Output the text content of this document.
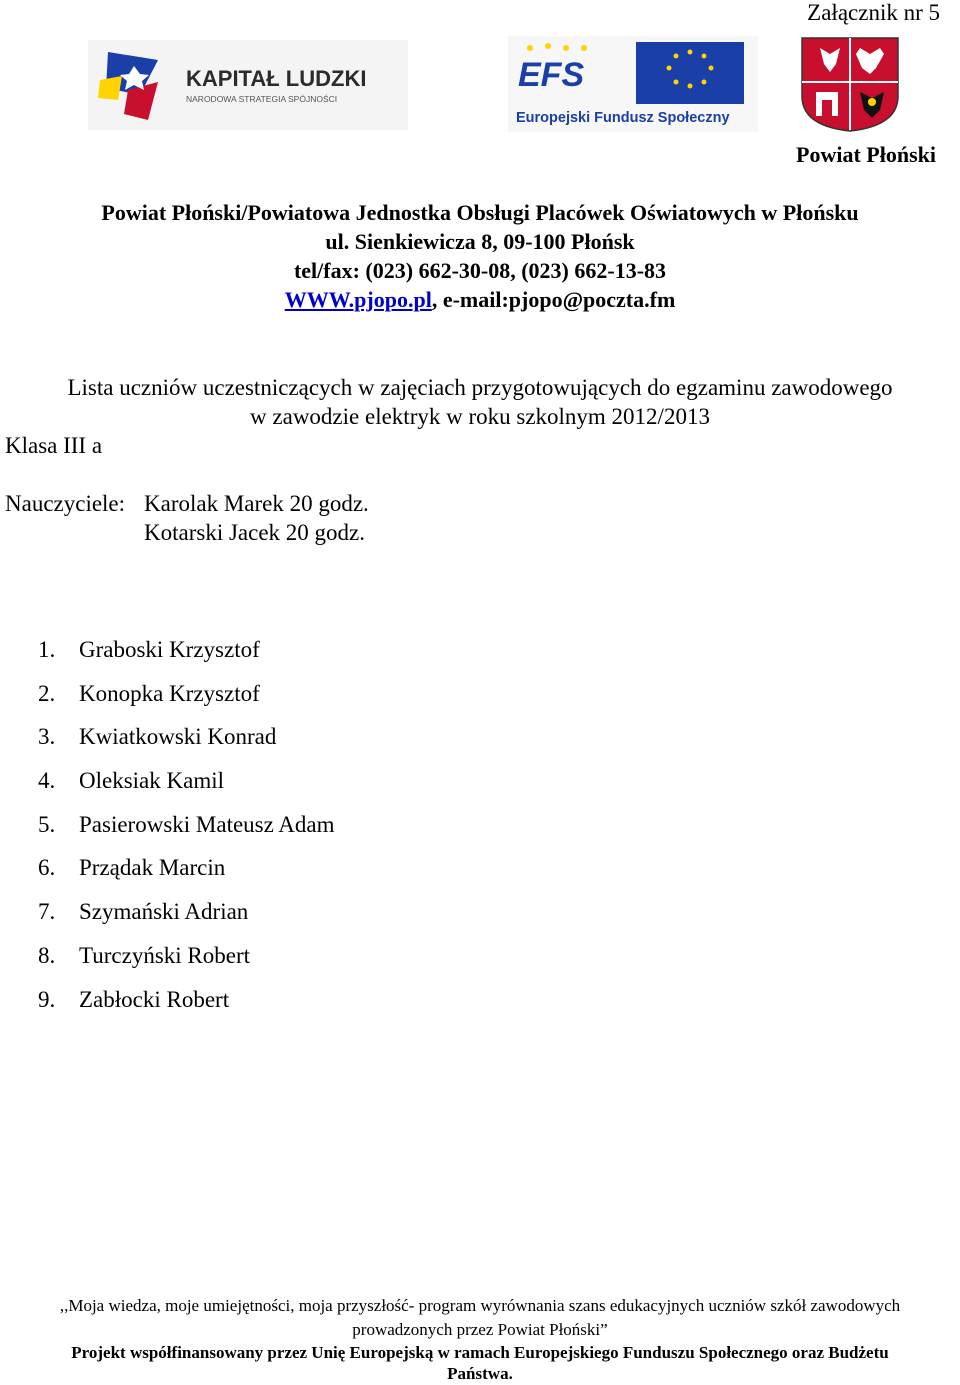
Załącznik nr 5
KAPITAŁ LUDZKI
NARODOWA STRATEGIA SPÓJNOŚCI
EFS
Europejski Fundusz Społeczny
Powiat Płoński
Powiat Płoński/Powiatowa Jednostka Obsługi Placówek Oświatowych w Płońsku
ul. Sienkiewicza 8, 09-100 Płońsk
tel/fax: (023) 662-30-08, (023) 662-13-83
WWW.pjopo.pl, e-mail:pjopo@poczta.fm
Lista uczniów uczestniczących w zajęciach przygotowujących do egzaminu zawodowego
w zawodzie elektryk w roku szkolnym 2012/2013
Klasa III a
Nauczyciele: Karolak Marek 20 godz.
Kotarski Jacek 20 godz.
1. Graboski Krzysztof
2. Konopka Krzysztof
3. Kwiatkowski Konrad
4. Oleksiak Kamil
5. Pasierowski Mateusz Adam
6. Prządak Marcin
7. Szymański Adrian
8. Turczyński Robert
9. Zabłocki Robert
,,Moja wiedza, moje umiejętności, moja przyszłość- program wyrównania szans edukacyjnych uczniów szkół zawodowych
prowadzonych przez Powiat Płoński”
Projekt współfinansowany przez Unię Europejską w ramach Europejskiego Funduszu Społecznego oraz Budżetu
Państwa.
